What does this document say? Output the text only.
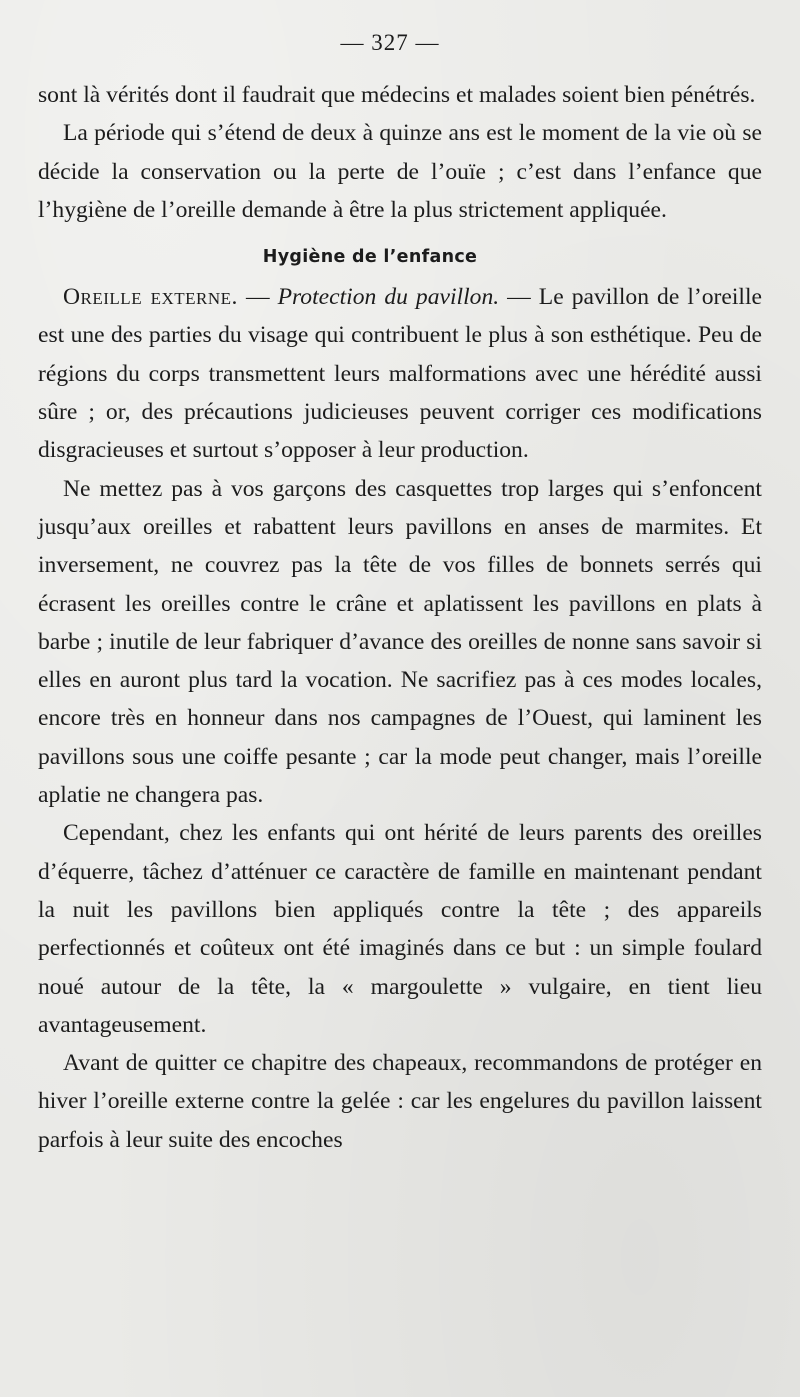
— 327 —

sont là vérités dont il faudrait que médecins et malades soient bien pénétrés.

La période qui s’étend de deux à quinze ans est le moment de la vie où se décide la conservation ou la perte de l’ouïe ; c’est dans l’enfance que l’hygiène de l’oreille demande à être la plus strictement appliquée.

Hygiène de l’enfance

Oreille externe. — Protection du pavillon. — Le pavillon de l’oreille est une des parties du visage qui contribuent le plus à son esthétique. Peu de régions du corps transmettent leurs malformations avec une hérédité aussi sûre ; or, des précautions judicieuses peuvent corriger ces modifications disgracieuses et surtout s’opposer à leur production.

Ne mettez pas à vos garçons des casquettes trop larges qui s’enfoncent jusqu’aux oreilles et rabattent leurs pavillons en anses de marmites. Et inversement, ne couvrez pas la tête de vos filles de bonnets serrés qui écrasent les oreilles contre le crâne et aplatissent les pavillons en plats à barbe ; inutile de leur fabriquer d’avance des oreilles de nonne sans savoir si elles en auront plus tard la vocation. Ne sacrifiez pas à ces modes locales, encore très en honneur dans nos campagnes de l’Ouest, qui laminent les pavillons sous une coiffe pesante ; car la mode peut changer, mais l’oreille aplatie ne changera pas.

Cependant, chez les enfants qui ont hérité de leurs parents des oreilles d’équerre, tâchez d’atténuer ce caractère de famille en maintenant pendant la nuit les pavillons bien appliqués contre la tête ; des appareils perfectionnés et coûteux ont été imaginés dans ce but : un simple foulard noué autour de la tête, la « margoulette » vulgaire, en tient lieu avantageusement.

Avant de quitter ce chapitre des chapeaux, recommandons de protéger en hiver l’oreille externe contre la gelée : car les engelures du pavillon laissent parfois à leur suite des encoches
